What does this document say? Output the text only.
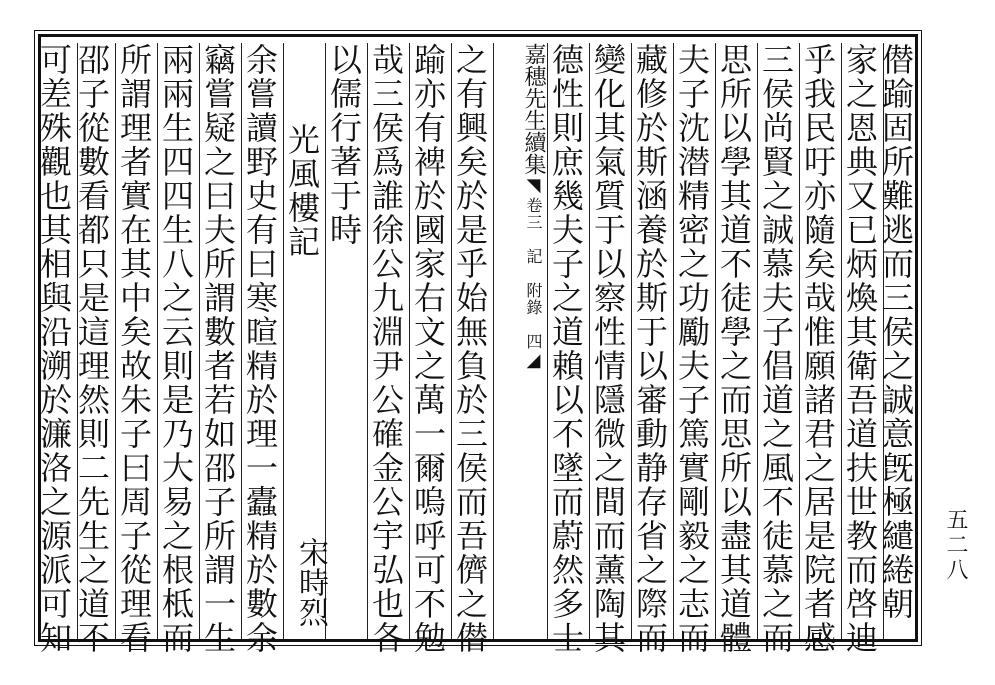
僣踰固所難逃而三侯之誠意旣極繾綣朝
家之恩典又已炳煥其衛吾道扶世教而啓迪
乎我民吁亦隨矣哉惟願諸君之居是院者感
三侯尚賢之誠慕夫子倡道之風不徒慕之而
思所以學其道不徒學之而思所以盡其道體
夫子沈潜精密之功勵夫子篤實剛毅之志而
藏修於斯涵養於斯于以審動静存省之際而
變化其氣質于以察性情隱微之間而薰陶其
德性則庶幾夫子之道賴以不墜而蔚然多士
嘉穗先生續集◥卷三 記 附錄 四◢
之有興矣於是乎始無負於三侯而吾儕之僣
踰亦有裨於國家右文之萬一爾嗚呼可不勉
哉三侯爲誰徐公九淵尹公確金公宇弘也各
以儒行著于時
光風樓記
宋時烈
余嘗讀野史有曰寒暄精於理一蠹精於數余
竊嘗疑之曰夫所謂數者若如邵子所謂一生
兩兩生四四生八之云則是乃大易之根柢而
所謂理者實在其中矣故朱子曰周子從理看
邵子從數看都只是這理然則二先生之道不
可差殊觀也其相與沿溯於濂洛之源派可知	五二八
